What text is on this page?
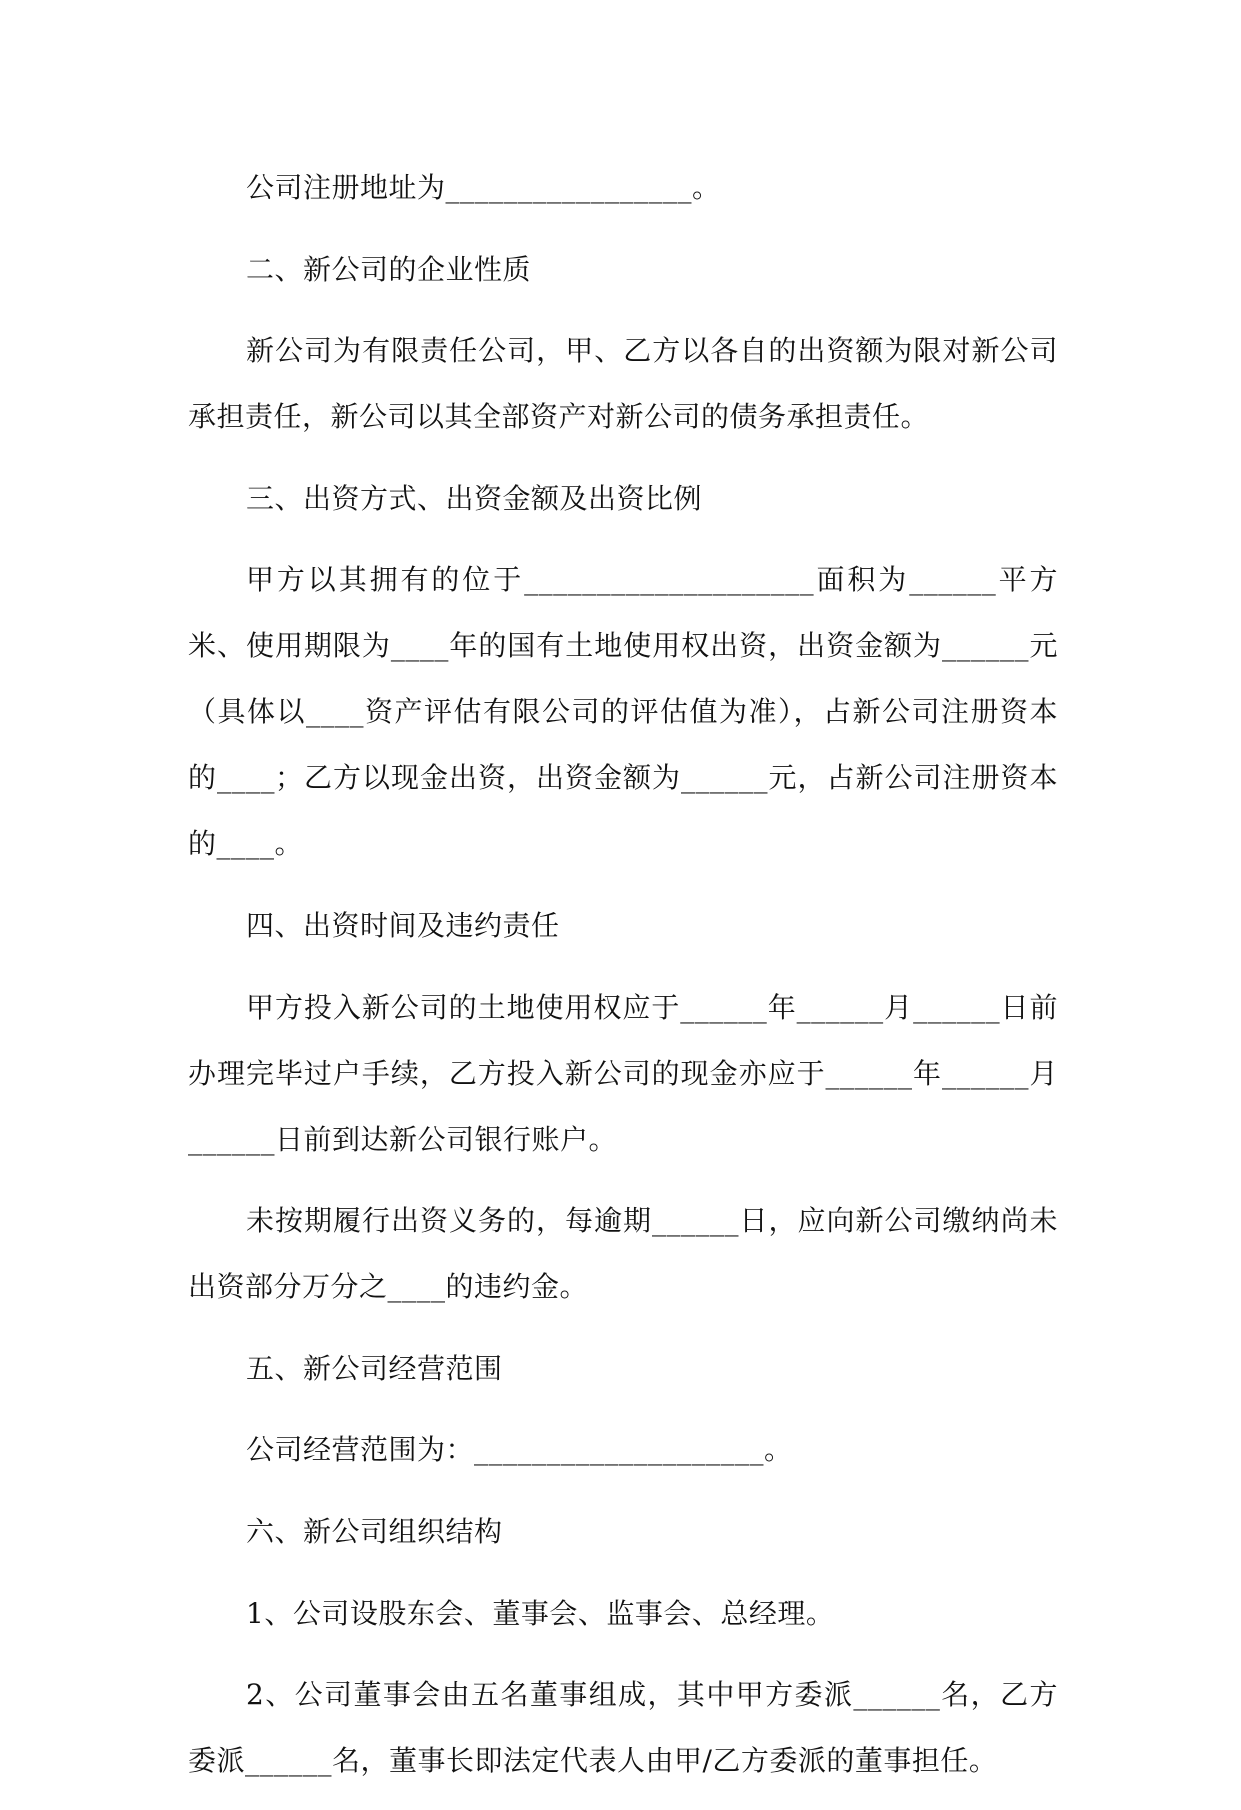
公司注册地址为_________________。

二、新公司的企业性质

新公司为有限责任公司，甲、乙方以各自的出资额为限对新公司承担责任，新公司以其全部资产对新公司的债务承担责任。

三、出资方式、出资金额及出资比例

甲方以其拥有的位于____________________面积为______平方米、使用期限为____年的国有土地使用权出资，出资金额为______元（具体以____资产评估有限公司的评估值为准），占新公司注册资本的____；乙方以现金出资，出资金额为______元，占新公司注册资本的____。

四、出资时间及违约责任

甲方投入新公司的土地使用权应于______年______月______日前办理完毕过户手续，乙方投入新公司的现金亦应于______年______月______日前到达新公司银行账户。

未按期履行出资义务的，每逾期______日，应向新公司缴纳尚未出资部分万分之____的违约金。

五、新公司经营范围

公司经营范围为：____________________。

六、新公司组织结构

1、公司设股东会、董事会、监事会、总经理。

2、公司董事会由五名董事组成，其中甲方委派______名，乙方委派______名，董事长即法定代表人由甲/乙方委派的董事担任。
